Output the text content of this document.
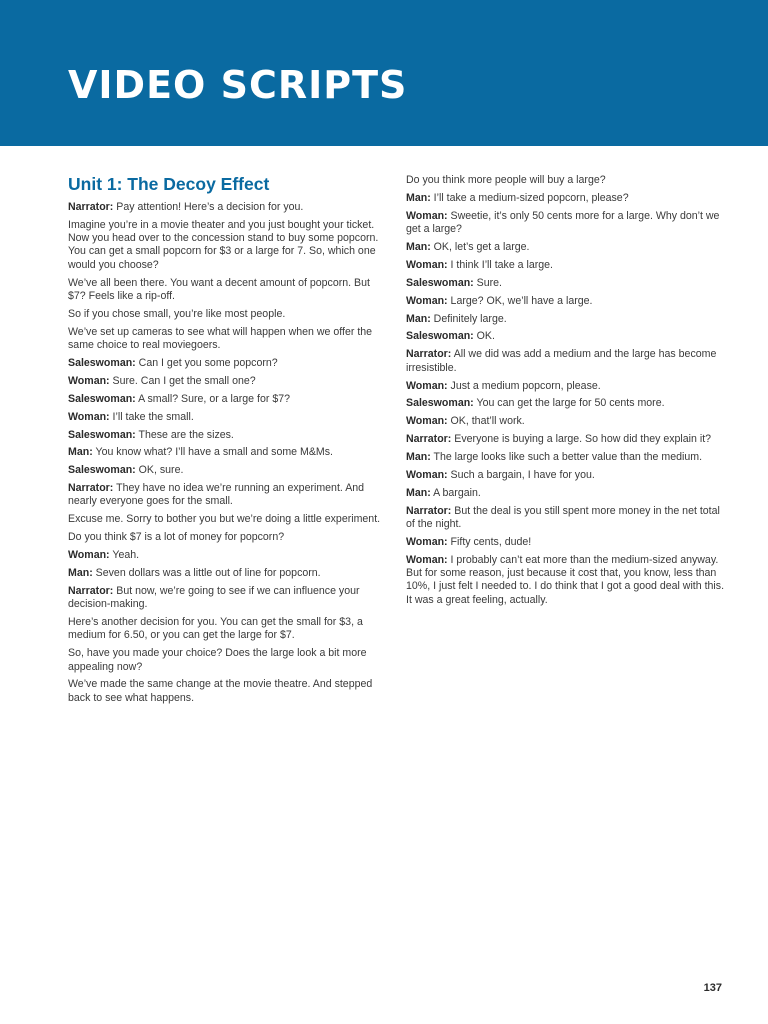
VIDEO SCRIPTS
Unit 1: The Decoy Effect

Narrator: Pay attention! Here’s a decision for you.

Imagine you’re in a movie theater and you just bought your ticket. Now you head over to the concession stand to buy some popcorn. You can get a small popcorn for $3 or a large for 7. So, which one would you choose?

We’ve all been there. You want a decent amount of popcorn. But $7? Feels like a rip-off.

So if you chose small, you’re like most people.

We’ve set up cameras to see what will happen when we offer the same choice to real moviegoers.

Saleswoman: Can I get you some popcorn?

Woman: Sure. Can I get the small one?

Saleswoman: A small? Sure, or a large for $7?

Woman: I’ll take the small.

Saleswoman: These are the sizes.

Man: You know what? I’ll have a small and some M&Ms.

Saleswoman: OK, sure.

Narrator: They have no idea we’re running an experiment. And nearly everyone goes for the small.

Excuse me. Sorry to bother you but we’re doing a little experiment.

Do you think $7 is a lot of money for popcorn?

Woman: Yeah.

Man: Seven dollars was a little out of line for popcorn.

Narrator: But now, we’re going to see if we can influence your decision-making.

Here’s another decision for you. You can get the small for $3, a medium for 6.50, or you can get the large for $7.

So, have you made your choice? Does the large look a bit more appealing now?

We’ve made the same change at the movie theatre. And stepped back to see what happens.

Do you think more people will buy a large?

Man: I’ll take a medium-sized popcorn, please?

Woman: Sweetie, it’s only 50 cents more for a large. Why don’t we get a large?

Man: OK, let’s get a large.

Woman: I think I’ll take a large.

Saleswoman: Sure.

Woman: Large? OK, we’ll have a large.

Man: Definitely large.

Saleswoman: OK.

Narrator: All we did was add a medium and the large has become irresistible.

Woman: Just a medium popcorn, please.

Saleswoman: You can get the large for 50 cents more.

Woman: OK, that’ll work.

Narrator: Everyone is buying a large. So how did they explain it?

Man: The large looks like such a better value than the medium.

Woman: Such a bargain, I have for you.

Man: A bargain.

Narrator: But the deal is you still spent more money in the net total of the night.

Woman: Fifty cents, dude!

Woman: I probably can’t eat more than the medium-sized anyway. But for some reason, just because it cost that, you know, less than 10%, I just felt I needed to. I do think that I got a good deal with this. It was a great feeling, actually.

137
